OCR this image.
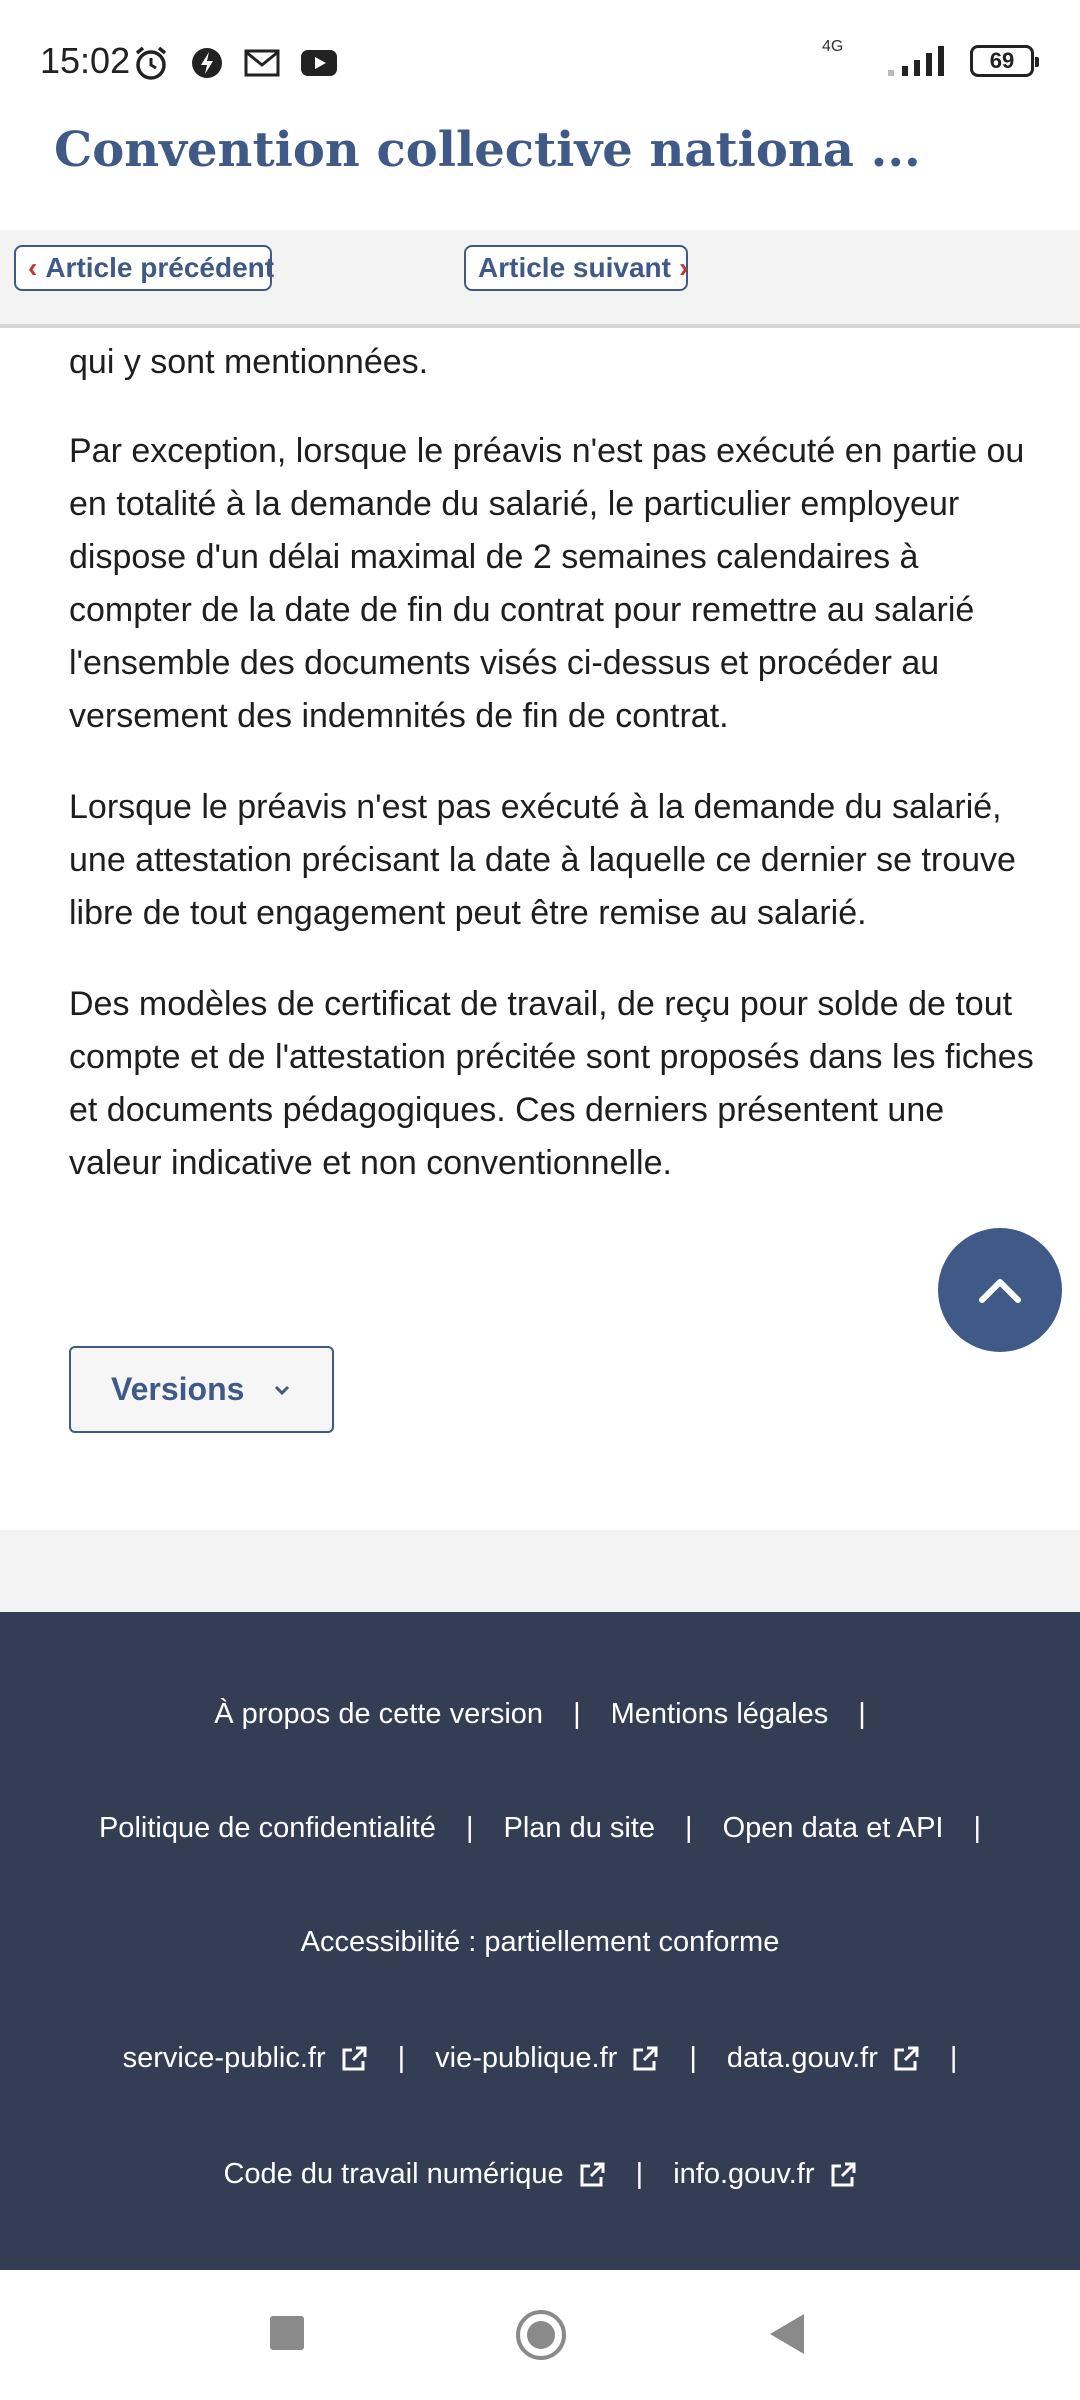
15:02	4G
69
Convention collective nationa ...
‹ Article précédent	Article suivant ›

qui y sont mentionnées.

Par exception, lorsque le préavis n'est pas exécuté en partie ou en totalité à la demande du salarié, le particulier employeur dispose d'un délai maximal de 2 semaines calendaires à compter de la date de fin du contrat pour remettre au salarié l'ensemble des documents visés ci-dessus et procéder au versement des indemnités de fin de contrat.

Lorsque le préavis n'est pas exécuté à la demande du salarié, une attestation précisant la date à laquelle ce dernier se trouve libre de tout engagement peut être remise au salarié.

Des modèles de certificat de travail, de reçu pour solde de tout compte et de l'attestation précitée sont proposés dans les fiches et documents pédagogiques. Ces derniers présentent une valeur indicative et non conventionnelle.

Versions
À propos de cette version | Mentions légales |
Politique de confidentialité | Plan du site | Open data et API |
Accessibilité : partiellement conforme
service-public.fr | vie-publique.fr | data.gouv.fr |
Code du travail numérique | info.gouv.fr
